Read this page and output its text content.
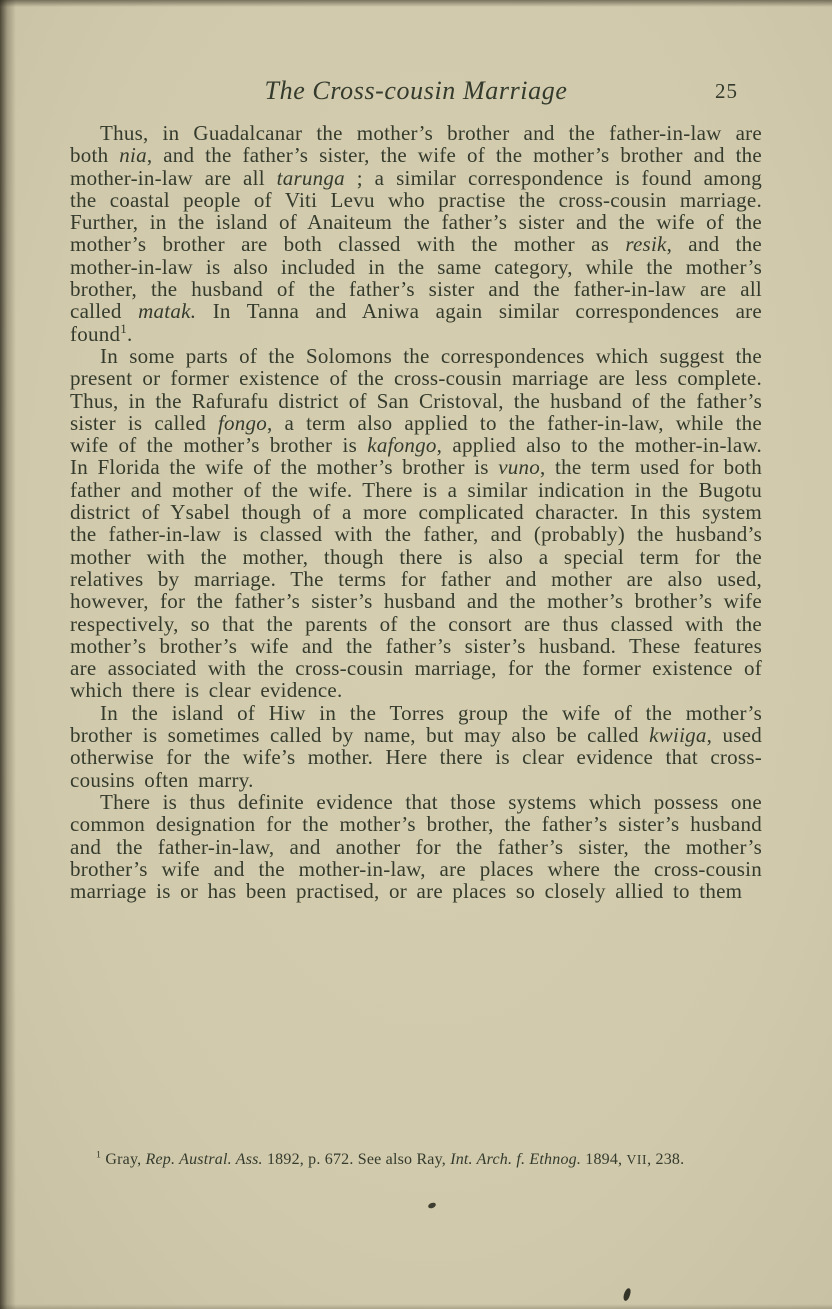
The Cross-cousin Marriage	25

Thus, in Guadalcanar the mother’s brother and the father-in-law are both nia, and the father’s sister, the wife of the mother’s brother and the mother-in-law are all tarunga ; a similar correspondence is found among the coastal people of Viti Levu who practise the cross-cousin marriage. Further, in the island of Anaiteum the father’s sister and the wife of the mother’s brother are both classed with the mother as resik, and the mother-in-law is also included in the same category, while the mother’s brother, the husband of the father’s sister and the father-in-law are all called matak. In Tanna and Aniwa again similar correspondences are found$^1$.

In some parts of the Solomons the correspondences which suggest the present or former existence of the cross-cousin marriage are less complete. Thus, in the Rafurafu district of San Cristoval, the husband of the father’s sister is called fongo, a term also applied to the father-in-law, while the wife of the mother’s brother is kafongo, applied also to the mother-in-law. In Florida the wife of the mother’s brother is vuno, the term used for both father and mother of the wife. There is a similar indication in the Bugotu district of Ysabel though of a more complicated character. In this system the father-in-law is classed with the father, and (probably) the husband’s mother with the mother, though there is also a special term for the relatives by marriage. The terms for father and mother are also used, however, for the father’s sister’s husband and the mother’s brother’s wife respectively, so that the parents of the consort are thus classed with the mother’s brother’s wife and the father’s sister’s husband. These features are associated with the cross-cousin marriage, for the former existence of which there is clear evidence.

In the island of Hiw in the Torres group the wife of the mother’s brother is sometimes called by name, but may also be called kwiiga, used otherwise for the wife’s mother. Here there is clear evidence that cross-cousins often marry.

There is thus definite evidence that those systems which possess one common designation for the mother’s brother, the father’s sister’s husband and the father-in-law, and another for the father’s sister, the mother’s brother’s wife and the mother-in-law, are places where the cross-cousin marriage is or has been practised, or are places so closely allied to them

$^1$ Gray, Rep. Austral. Ass. 1892, p. 672. See also Ray, Int. Arch. f. Ethnog. 1894, VII, 238.
